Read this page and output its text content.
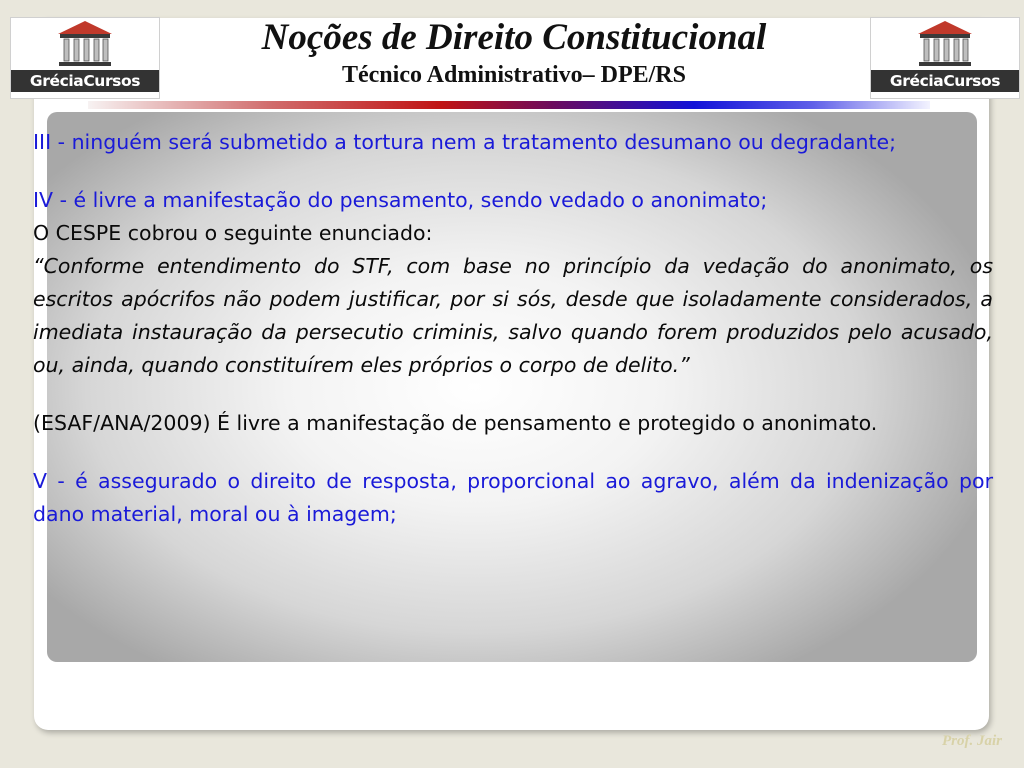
GréciaCursos	GréciaCursos
Noções de Direito Constitucional
Técnico Administrativo– DPE/RS

III - ninguém será submetido a tortura nem a tratamento desumano ou degradante;

IV - é livre a manifestação do pensamento, sendo vedado o anonimato;

O CESPE cobrou o seguinte enunciado:

“Conforme entendimento do STF, com base no princípio da vedação do anonimato, os escritos apócrifos não podem justificar, por si sós, desde que isoladamente considerados, a imediata instauração da persecutio criminis, salvo quando forem produzidos pelo acusado, ou, ainda, quando constituírem eles próprios o corpo de delito.”

(ESAF/ANA/2009) É livre a manifestação de pensamento e protegido o anonimato.

V - é assegurado o direito de resposta, proporcional ao agravo, além da indenização por dano material, moral ou à imagem;

Prof. Jair
